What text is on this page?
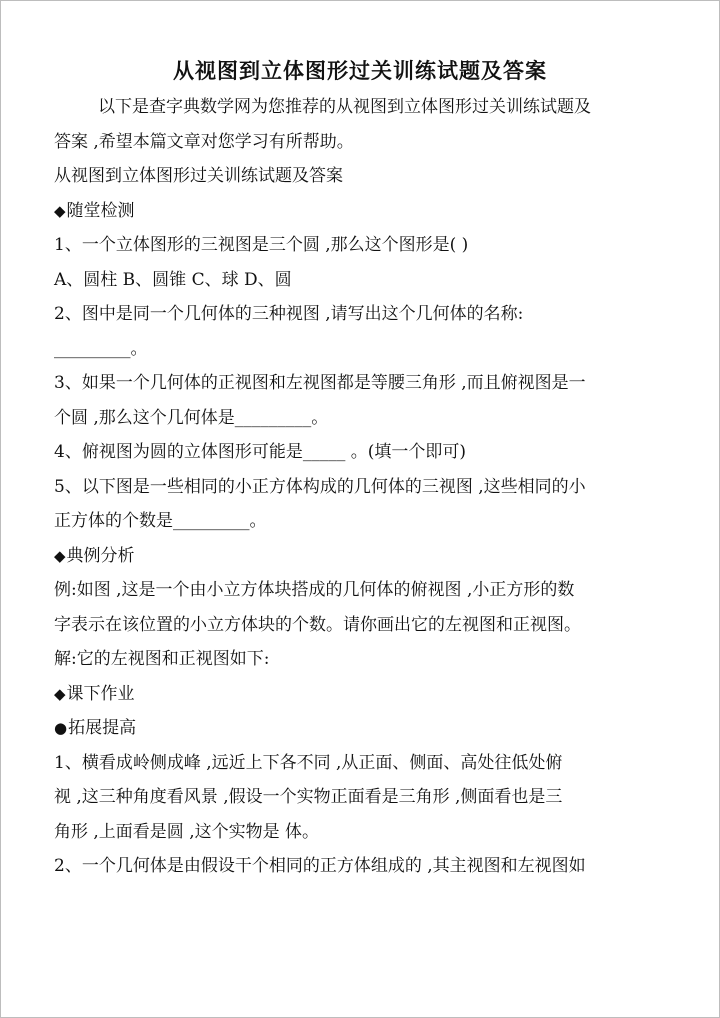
从视图到立体图形过关训练试题及答案

以下是查字典数学网为您推荐的从视图到立体图形过关训练试题及

答案 ,希望本篇文章对您学习有所帮助。

从视图到立体图形过关训练试题及答案

◆随堂检测

1、一个立体图形的三视图是三个圆 ,那么这个图形是( )

A、圆柱 B、圆锥 C、球 D、圆

2、图中是同一个几何体的三种视图 ,请写出这个几何体的名称:

_________。

3、如果一个几何体的正视图和左视图都是等腰三角形 ,而且俯视图是一

个圆 ,那么这个几何体是_________。

4、俯视图为圆的立体图形可能是_____ 。(填一个即可)

5、以下图是一些相同的小正方体构成的几何体的三视图 ,这些相同的小

正方体的个数是_________。

◆典例分析

例:如图 ,这是一个由小立方体块搭成的几何体的俯视图 ,小正方形的数

字表示在该位置的小立方体块的个数。请你画出它的左视图和正视图。

解:它的左视图和正视图如下:

◆课下作业

●拓展提高

1、横看成岭侧成峰 ,远近上下各不同 ,从正面、侧面、高处往低处俯

视 ,这三种角度看风景 ,假设一个实物正面看是三角形 ,侧面看也是三

角形 ,上面看是圆 ,这个实物是 体。

2、一个几何体是由假设干个相同的正方体组成的 ,其主视图和左视图如
